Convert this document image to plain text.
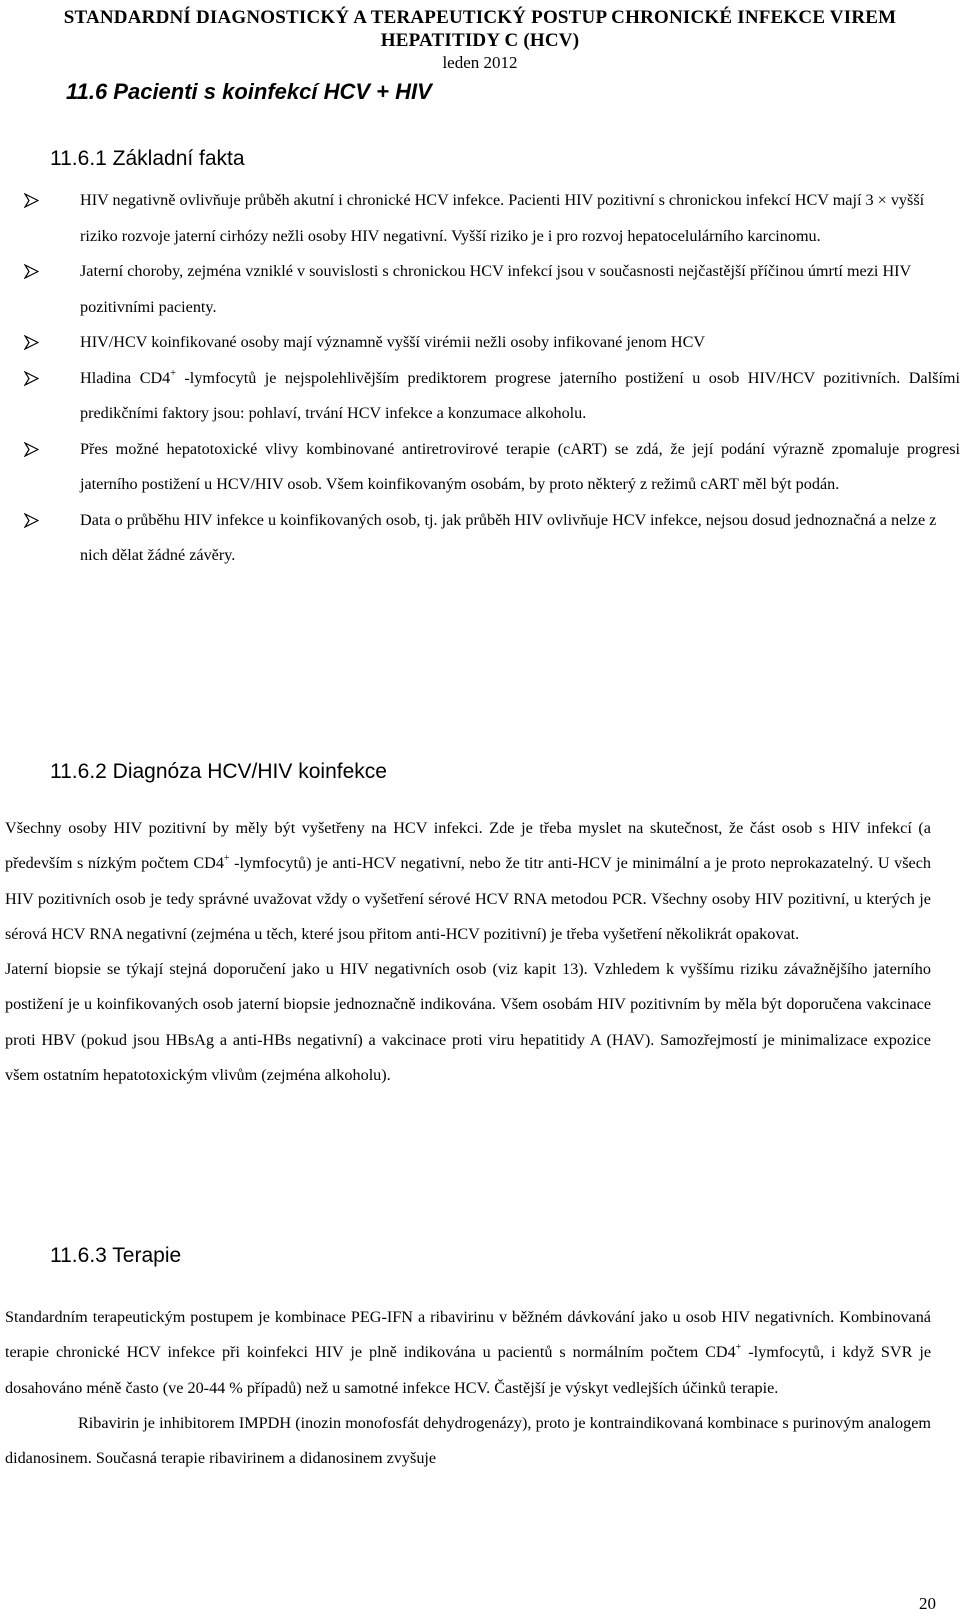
STANDARDNÍ DIAGNOSTICKÝ A TERAPEUTICKÝ POSTUP CHRONICKÉ INFEKCE VIREM
HEPATITIDY C (HCV)
leden 2012
11.6 Pacienti s koinfekcí HCV + HIV
11.6.1 Základní fakta
HIV negativně ovlivňuje průběh akutní i chronické HCV infekce. Pacienti HIV pozitivní s chronickou infekcí HCV mají 3 × vyšší riziko rozvoje jaterní cirhózy nežli osoby HIV negativní. Vyšší riziko je i pro rozvoj hepatocelulárního karcinomu.
Jaterní choroby, zejména vzniklé v souvislosti s chronickou HCV infekcí jsou v současnosti nejčastější příčinou úmrtí mezi HIV pozitivními pacienty.
HIV/HCV koinfikované osoby mají významně vyšší virémii nežli osoby infikované jenom HCV
Hladina CD4+ -lymfocytů je nejspolehlivějším prediktorem progrese jaterního postižení u osob HIV/HCV pozitivních. Dalšími predikčními faktory jsou: pohlaví, trvání HCV infekce a konzumace alkoholu.
Přes možné hepatotoxické vlivy kombinované antiretrovirové terapie (cART) se zdá, že její podání výrazně zpomaluje progresi jaterního postižení u HCV/HIV osob. Všem koinfikovaným osobám, by proto některý z režimů cART měl být podán.
Data o průběhu HIV infekce u koinfikovaných osob, tj. jak průběh HIV ovlivňuje HCV infekce, nejsou dosud jednoznačná a nelze z nich dělat žádné závěry.
11.6.2 Diagnóza HCV/HIV koinfekce

Všechny osoby HIV pozitivní by měly být vyšetřeny na HCV infekci. Zde je třeba myslet na skutečnost, že část osob s HIV infekcí (a především s nízkým počtem CD4+ -lymfocytů) je anti-HCV negativní, nebo že titr anti-HCV je minimální a je proto neprokazatelný. U všech HIV pozitivních osob je tedy správné uvažovat vždy o vyšetření sérové HCV RNA metodou PCR. Všechny osoby HIV pozitivní, u kterých je sérová HCV RNA negativní (zejména u těch, které jsou přitom anti-HCV pozitivní) je třeba vyšetření několikrát opakovat.

Jaterní biopsie se týkají stejná doporučení jako u HIV negativních osob (viz kapit 13). Vzhledem k vyššímu riziku závažnějšího jaterního postižení je u koinfikovaných osob jaterní biopsie jednoznačně indikována. Všem osobám HIV pozitivním by měla být doporučena vakcinace proti HBV (pokud jsou HBsAg a anti-HBs negativní) a vakcinace proti viru hepatitidy A (HAV). Samozřejmostí je minimalizace expozice všem ostatním hepatotoxickým vlivům (zejména alkoholu).

11.6.3 Terapie

Standardním terapeutickým postupem je kombinace PEG-IFN a ribavirinu v běžném dávkování jako u osob HIV negativních. Kombinovaná terapie chronické HCV infekce při koinfekci HIV je plně indikována u pacientů s normálním počtem CD4+ -lymfocytů, i když SVR je dosahováno méně často (ve 20-44 % případů) než u samotné infekce HCV. Častější je výskyt vedlejších účinků terapie.

Ribavirin je inhibitorem IMPDH (inozin monofosfát dehydrogenázy), proto je kontraindikovaná kombinace s purinovým analogem didanosinem. Současná terapie ribavirinem a didanosinem zvyšuje

20
